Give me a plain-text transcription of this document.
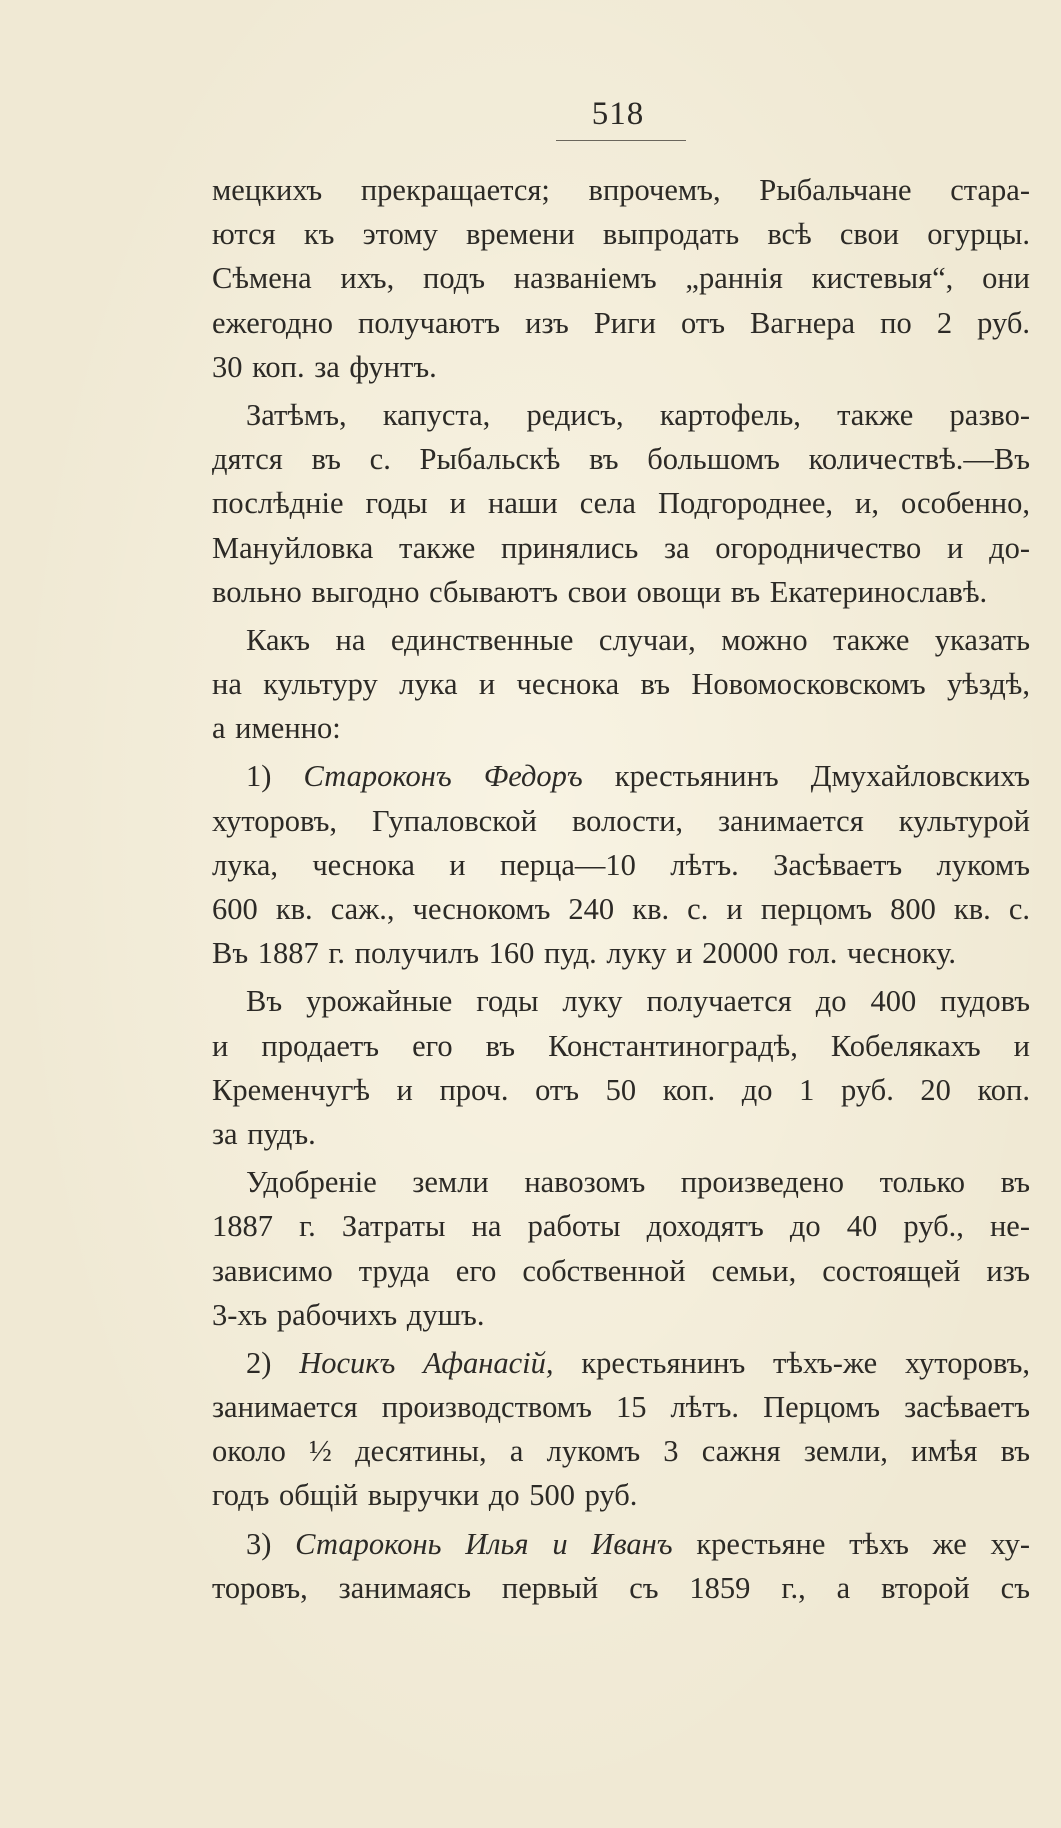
518
мецкихъ прекращается; впрочемъ, Рыбальчане стара-
ются къ этому времени выпродать всѣ свои огурцы.
Сѣмена ихъ, подъ названіемъ „раннія кистевыя“, они
ежегодно получаютъ изъ Риги отъ Вагнера по 2 руб.
30 коп. за фунтъ.
Затѣмъ, капуста, редисъ, картофель, также разво-
дятся въ с. Рыбальскѣ въ большомъ количествѣ.—Въ
послѣдніе годы и наши села Подгороднее, и, особенно,
Мануйловка также принялись за огородничество и до-
вольно выгодно сбываютъ свои овощи въ Екатеринославѣ.
Какъ на единственные случаи, можно также указать
на культуру лука и чеснока въ Новомосковскомъ уѣздѣ,
а именно:
1) Староконъ Федоръ крестьянинъ Дмухайловскихъ
хуторовъ, Гупаловской волости, занимается культурой
лука, чеснока и перца—10 лѣтъ. Засѣваетъ лукомъ
600 кв. саж., чеснокомъ 240 кв. с. и перцомъ 800 кв. с.
Въ 1887 г. получилъ 160 пуд. луку и 20000 гол. чесноку.
Въ урожайные годы луку получается до 400 пудовъ
и продаетъ его въ Константиноградѣ, Кобелякахъ и
Кременчугѣ и проч. отъ 50 коп. до 1 руб. 20 коп.
за пудъ.
Удобреніе земли навозомъ произведено только въ
1887 г. Затраты на работы доходятъ до 40 руб., не-
зависимо труда его собственной семьи, состоящей изъ
3-хъ рабочихъ душъ.
2) Носикъ Афанасій, крестьянинъ тѣхъ-же хуторовъ,
занимается производствомъ 15 лѣтъ. Перцомъ засѣваетъ
около ½ десятины, а лукомъ 3 сажня земли, имѣя въ
годъ общій выручки до 500 руб.
3) Староконь Илья и Иванъ крестьяне тѣхъ же ху-
торовъ, занимаясь первый съ 1859 г., а второй съ
